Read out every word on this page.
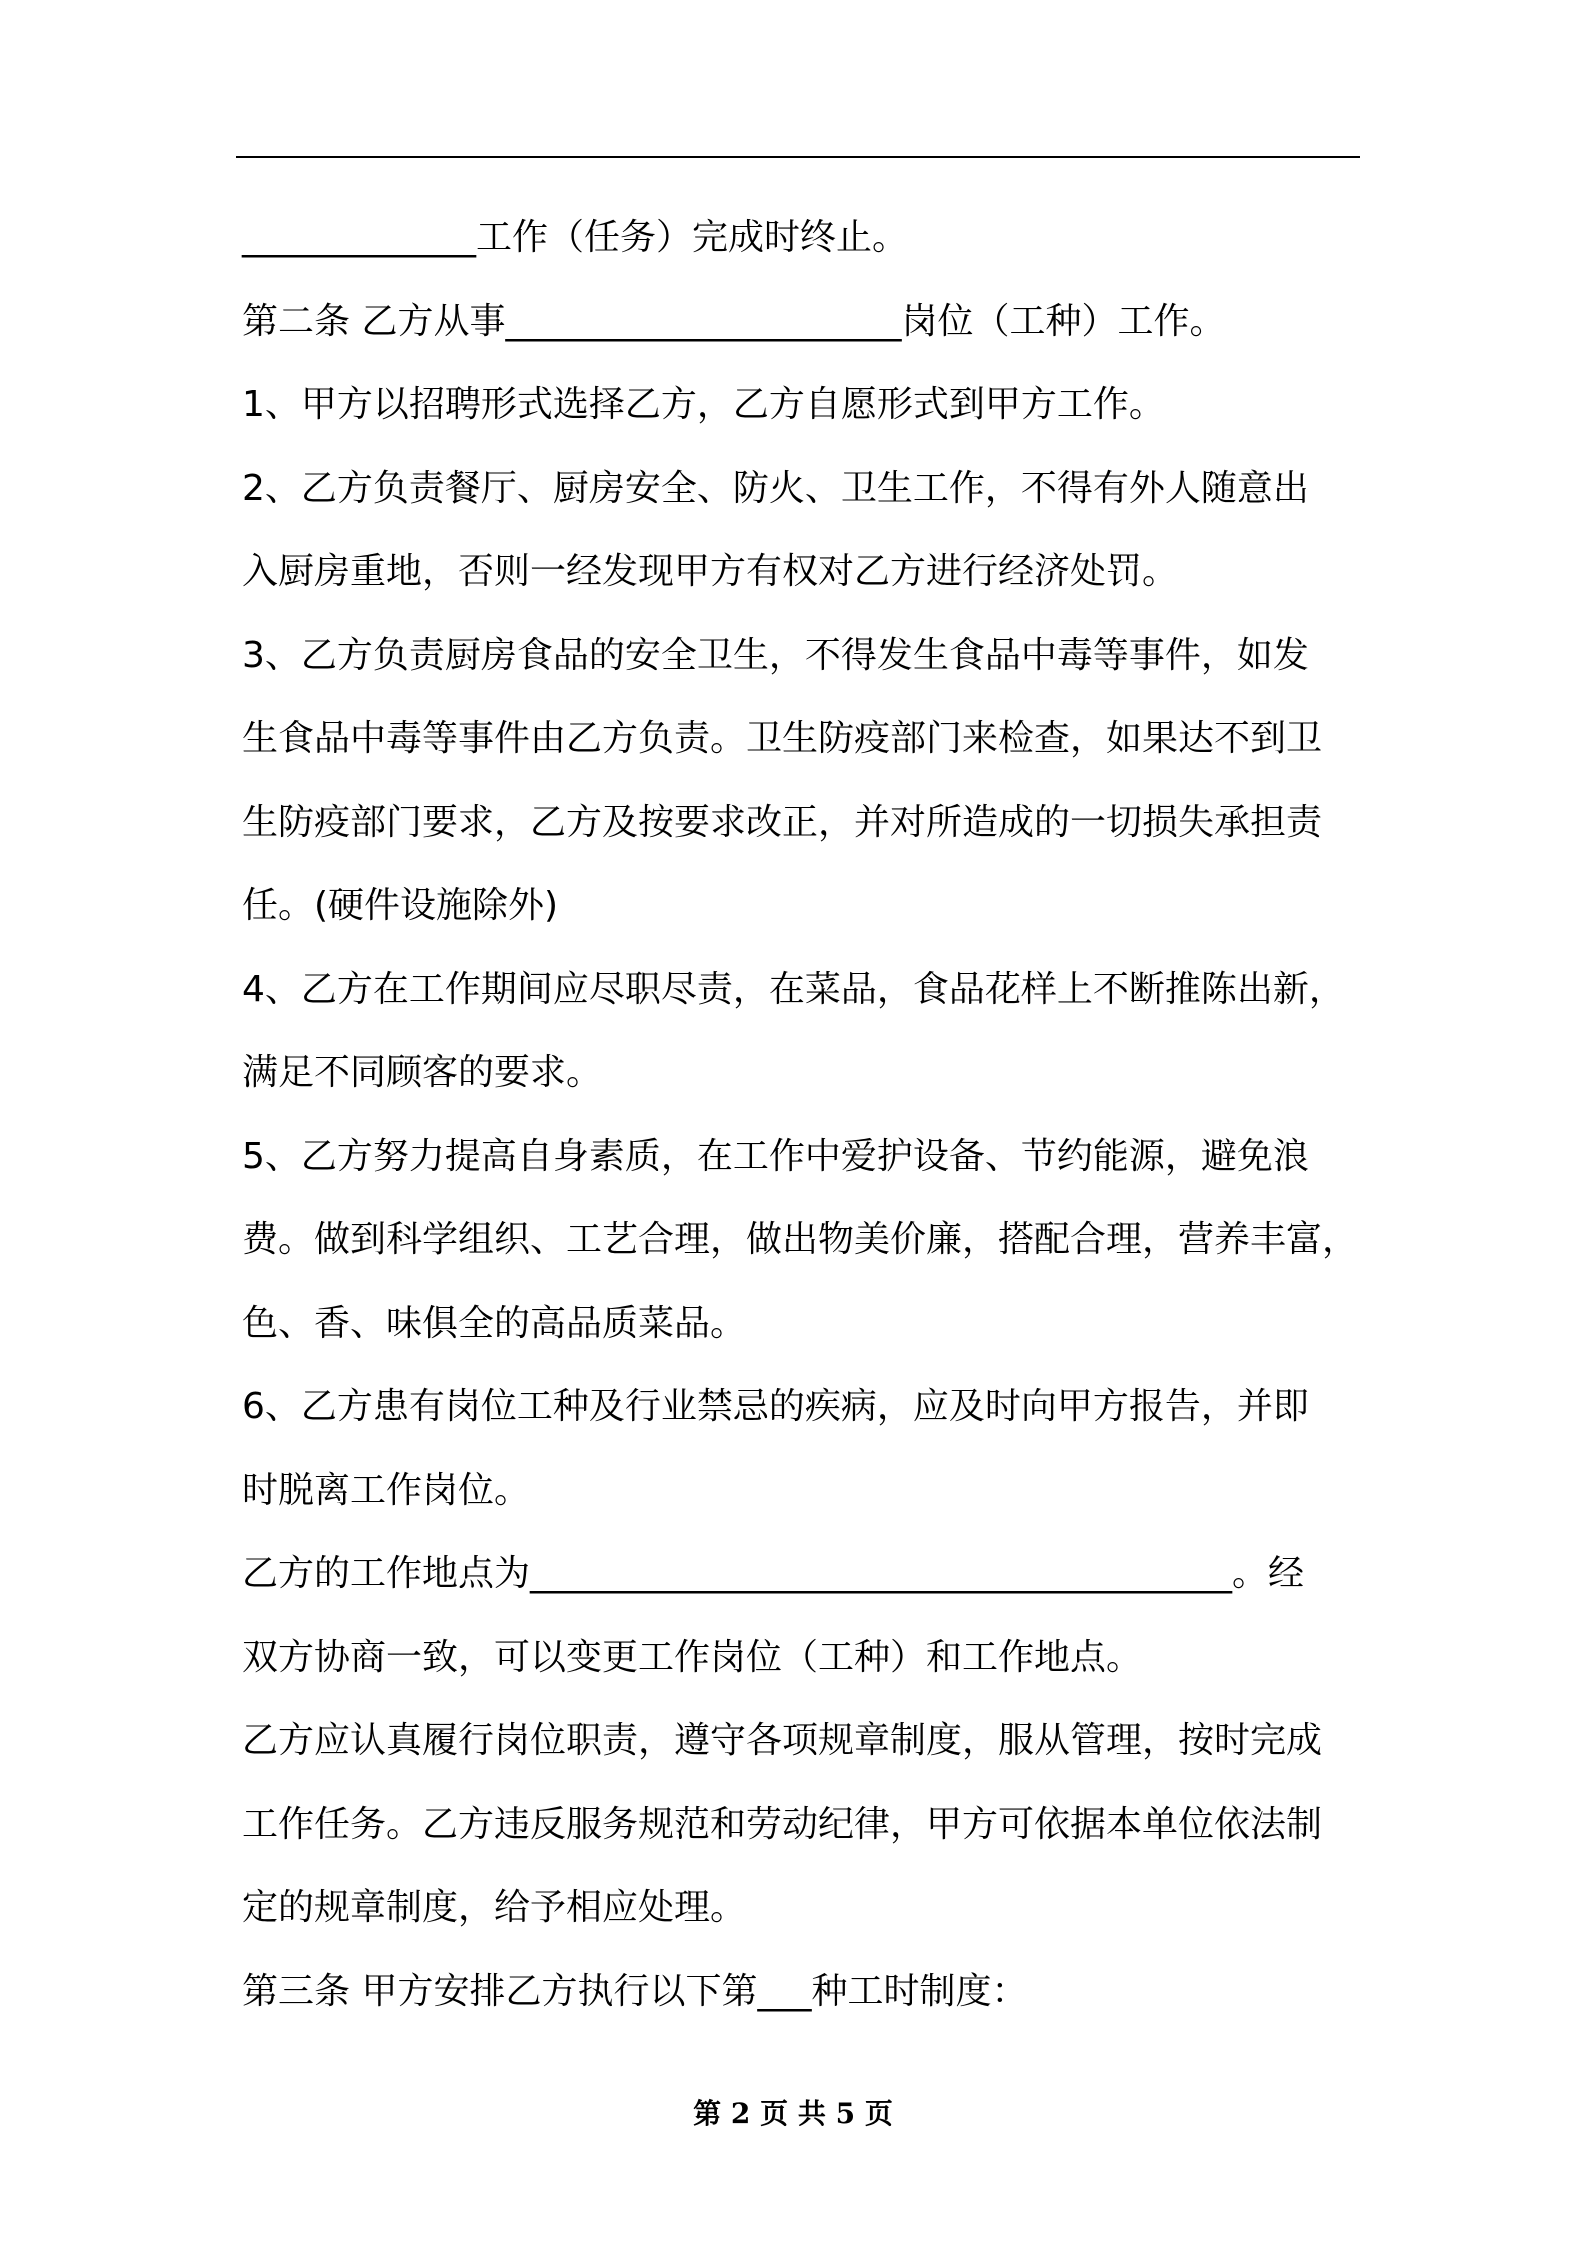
_____________工作（任务）完成时终止。
第二条 乙方从事______________________岗位（工种）工作。
1、甲方以招聘形式选择乙方，乙方自愿形式到甲方工作。
2、乙方负责餐厅、厨房安全、防火、卫生工作，不得有外人随意出
入厨房重地，否则一经发现甲方有权对乙方进行经济处罚。
3、乙方负责厨房食品的安全卫生，不得发生食品中毒等事件，如发
生食品中毒等事件由乙方负责。卫生防疫部门来检查，如果达不到卫
生防疫部门要求，乙方及按要求改正，并对所造成的一切损失承担责
任。(硬件设施除外)
4、乙方在工作期间应尽职尽责，在菜品，食品花样上不断推陈出新，
满足不同顾客的要求。
5、乙方努力提高自身素质，在工作中爱护设备、节约能源，避免浪
费。做到科学组织、工艺合理，做出物美价廉，搭配合理，营养丰富，
色、香、味俱全的高品质菜品。
6、乙方患有岗位工种及行业禁忌的疾病，应及时向甲方报告，并即
时脱离工作岗位。
乙方的工作地点为_______________________________________。经
双方协商一致，可以变更工作岗位（工种）和工作地点。
乙方应认真履行岗位职责，遵守各项规章制度，服从管理，按时完成
工作任务。乙方违反服务规范和劳动纪律，甲方可依据本单位依法制
定的规章制度，给予相应处理。
第三条 甲方安排乙方执行以下第___种工时制度：
第 2 页 共 5 页
